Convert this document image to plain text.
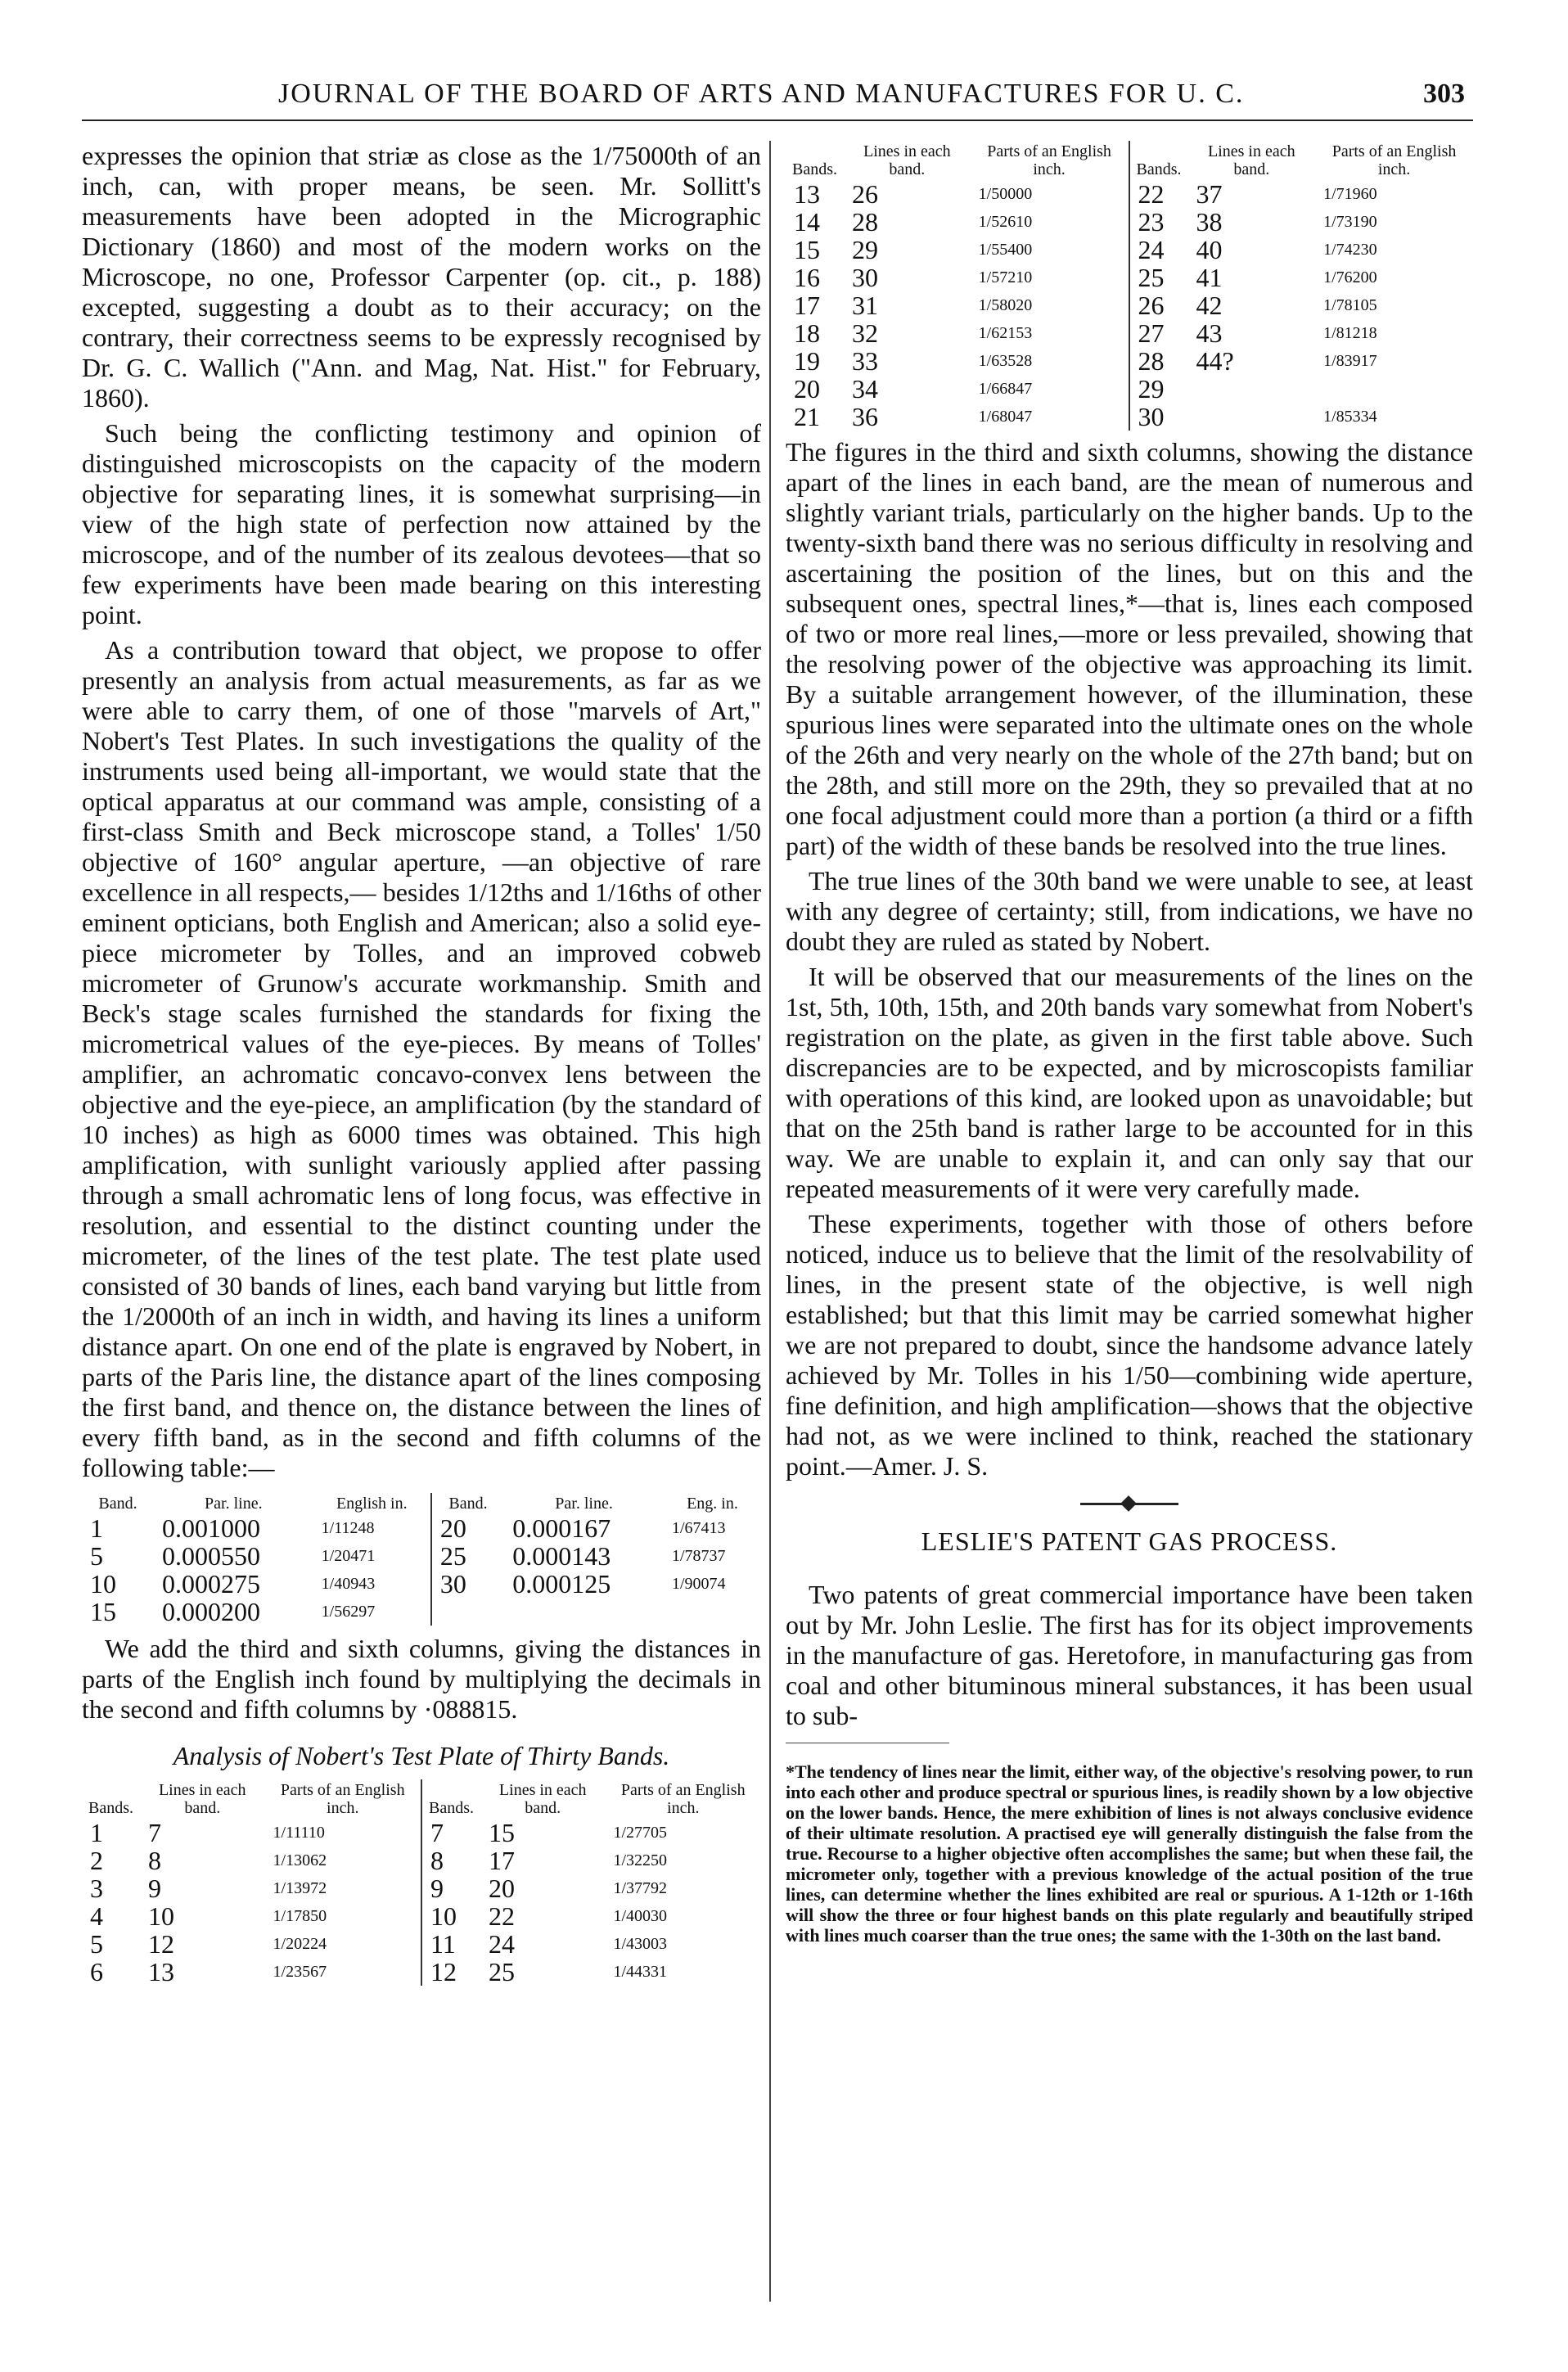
JOURNAL OF THE BOARD OF ARTS AND MANUFACTURES FOR U. C.	303

expresses the opinion that striæ as close as the 1/75000th of an inch, can, with proper means, be seen. Mr. Sollitt's measurements have been adopted in the Micrographic Dictionary (1860) and most of the modern works on the Microscope, no one, Professor Carpenter (op. cit., p. 188) excepted, suggesting a doubt as to their accuracy; on the contrary, their correctness seems to be expressly recognised by Dr. G. C. Wallich ("Ann. and Mag, Nat. Hist." for February, 1860).

Such being the conflicting testimony and opinion of distinguished microscopists on the capacity of the modern objective for separating lines, it is somewhat surprising—in view of the high state of perfection now attained by the microscope, and of the number of its zealous devotees—that so few experiments have been made bearing on this interesting point.

As a contribution toward that object, we propose to offer presently an analysis from actual measurements, as far as we were able to carry them, of one of those "marvels of Art," Nobert's Test Plates. In such investigations the quality of the instruments used being all-important, we would state that the optical apparatus at our command was ample, consisting of a first-class Smith and Beck microscope stand, a Tolles' 1/50 objective of 160° angular aperture, —an objective of rare excellence in all respects,— besides 1/12ths and 1/16ths of other eminent opticians, both English and American; also a solid eye-piece micrometer by Tolles, and an improved cobweb micrometer of Grunow's accurate workmanship. Smith and Beck's stage scales furnished the standards for fixing the micrometrical values of the eye-pieces. By means of Tolles' amplifier, an achromatic concavo-convex lens between the objective and the eye-piece, an amplification (by the standard of 10 inches) as high as 6000 times was obtained. This high amplification, with sunlight variously applied after passing through a small achromatic lens of long focus, was effective in resolution, and essential to the distinct counting under the micrometer, of the lines of the test plate. The test plate used consisted of 30 bands of lines, each band varying but little from the 1/2000th of an inch in width, and having its lines a uniform distance apart. On one end of the plate is engraved by Nobert, in parts of the Paris line, the distance apart of the lines composing the first band, and thence on, the distance between the lines of every fifth band, as in the second and fifth columns of the following table:—

Band.	Par. line.	English in.	Band.	Par. line.	Eng. in.
1	0.001000	1/11248	20	0.000167	1/67413
5	0.000550	1/20471	25	0.000143	1/78737
10	0.000275	1/40943	30	0.000125	1/90074
15	0.000200	1/56297			

We add the third and sixth columns, giving the distances in parts of the English inch found by multiplying the decimals in the second and fifth columns by ·088815.

Analysis of Nobert's Test Plate of Thirty Bands.
Bands.	Lines in each band.	Parts of an English inch.	Bands.	Lines in each band.	Parts of an English inch.
1	7	1/11110	7	15	1/27705
2	8	1/13062	8	17	1/32250
3	9	1/13972	9	20	1/37792
4	10	1/17850	10	22	1/40030
5	12	1/20224	11	24	1/43003
6	13	1/23567	12	25	1/44331
Bands.	Lines in each band.	Parts of an English inch.	Bands.	Lines in each band.	Parts of an English inch.
13	26	1/50000	22	37	1/71960
14	28	1/52610	23	38	1/73190
15	29	1/55400	24	40	1/74230
16	30	1/57210	25	41	1/76200
17	31	1/58020	26	42	1/78105
18	32	1/62153	27	43	1/81218
19	33	1/63528	28	44?	1/83917
20	34	1/66847	29		
21	36	1/68047	30		1/85334

The figures in the third and sixth columns, showing the distance apart of the lines in each band, are the mean of numerous and slightly variant trials, particularly on the higher bands. Up to the twenty-sixth band there was no serious difficulty in resolving and ascertaining the position of the lines, but on this and the subsequent ones, spectral lines,*—that is, lines each composed of two or more real lines,—more or less prevailed, showing that the resolving power of the objective was approaching its limit. By a suitable arrangement however, of the illumination, these spurious lines were separated into the ultimate ones on the whole of the 26th and very nearly on the whole of the 27th band; but on the 28th, and still more on the 29th, they so prevailed that at no one focal adjustment could more than a portion (a third or a fifth part) of the width of these bands be resolved into the true lines.

The true lines of the 30th band we were unable to see, at least with any degree of certainty; still, from indications, we have no doubt they are ruled as stated by Nobert.

It will be observed that our measurements of the lines on the 1st, 5th, 10th, 15th, and 20th bands vary somewhat from Nobert's registration on the plate, as given in the first table above. Such discrepancies are to be expected, and by microscopists familiar with operations of this kind, are looked upon as unavoidable; but that on the 25th band is rather large to be accounted for in this way. We are unable to explain it, and can only say that our repeated measurements of it were very carefully made.

These experiments, together with those of others before noticed, induce us to believe that the limit of the resolvability of lines, in the present state of the objective, is well nigh established; but that this limit may be carried somewhat higher we are not prepared to doubt, since the handsome advance lately achieved by Mr. Tolles in his 1/50—combining wide aperture, fine definition, and high amplification—shows that the objective had not, as we were inclined to think, reached the stationary point.—Amer. J. S.

LESLIE'S PATENT GAS PROCESS.

Two patents of great commercial importance have been taken out by Mr. John Leslie. The first has for its object improvements in the manufacture of gas. Heretofore, in manufacturing gas from coal and other bituminous mineral substances, it has been usual to sub-

*The tendency of lines near the limit, either way, of the objective's resolving power, to run into each other and produce spectral or spurious lines, is readily shown by a low objective on the lower bands. Hence, the mere exhibition of lines is not always conclusive evidence of their ultimate resolution. A practised eye will generally distinguish the false from the true. Recourse to a higher objective often accomplishes the same; but when these fail, the micrometer only, together with a previous knowledge of the actual position of the true lines, can determine whether the lines exhibited are real or spurious. A 1-12th or 1-16th will show the three or four highest bands on this plate regularly and beautifully striped with lines much coarser than the true ones; the same with the 1-30th on the last band.
